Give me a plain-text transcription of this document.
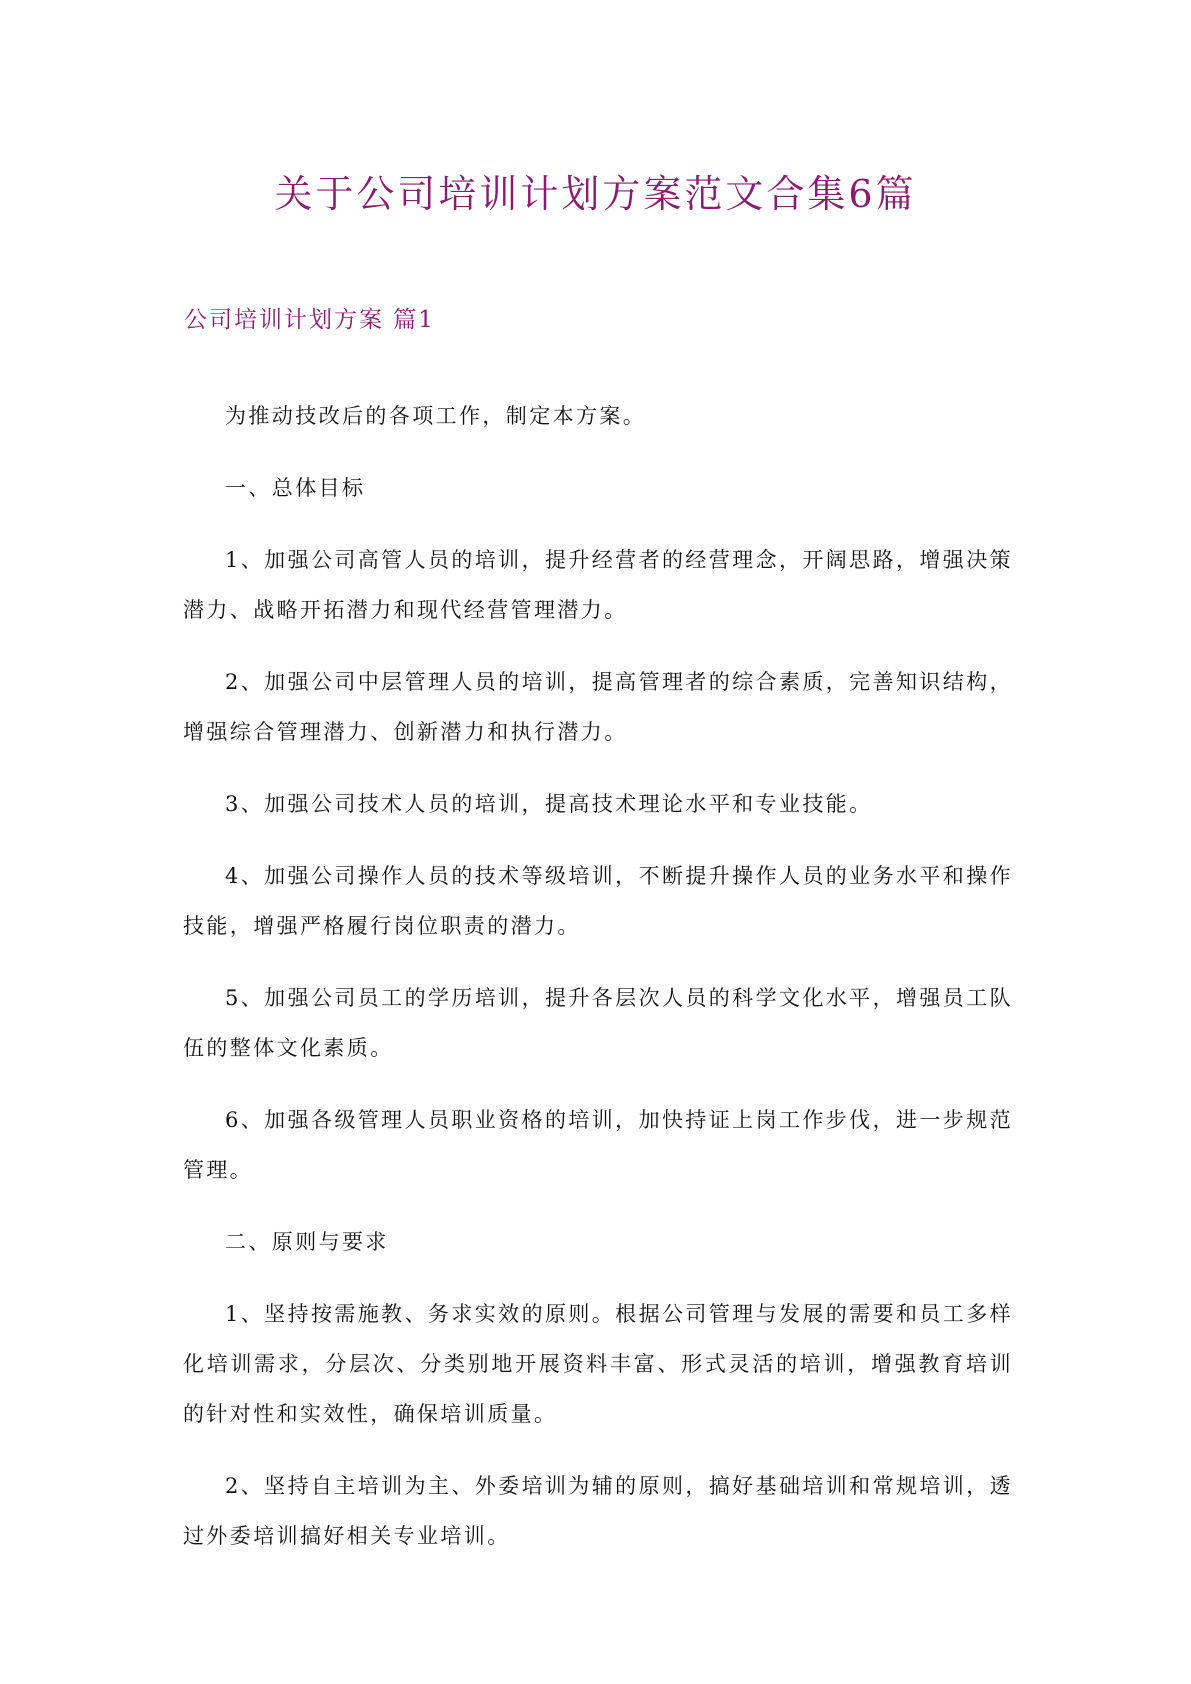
关于公司培训计划方案范文合集6篇
公司培训计划方案 篇1

为推动技改后的各项工作，制定本方案。

一、总体目标

1、加强公司高管人员的培训，提升经营者的经营理念，开阔思路，增强决策潜力、战略开拓潜力和现代经营管理潜力。

2、加强公司中层管理人员的培训，提高管理者的综合素质，完善知识结构，增强综合管理潜力、创新潜力和执行潜力。

3、加强公司技术人员的培训，提高技术理论水平和专业技能。

4、加强公司操作人员的技术等级培训，不断提升操作人员的业务水平和操作技能，增强严格履行岗位职责的潜力。

5、加强公司员工的学历培训，提升各层次人员的科学文化水平，增强员工队伍的整体文化素质。

6、加强各级管理人员职业资格的培训，加快持证上岗工作步伐，进一步规范管理。

二、原则与要求

1、坚持按需施教、务求实效的原则。根据公司管理与发展的需要和员工多样化培训需求，分层次、分类别地开展资料丰富、形式灵活的培训，增强教育培训的针对性和实效性，确保培训质量。

2、坚持自主培训为主、外委培训为辅的原则，搞好基础培训和常规培训，透过外委培训搞好相关专业培训。
